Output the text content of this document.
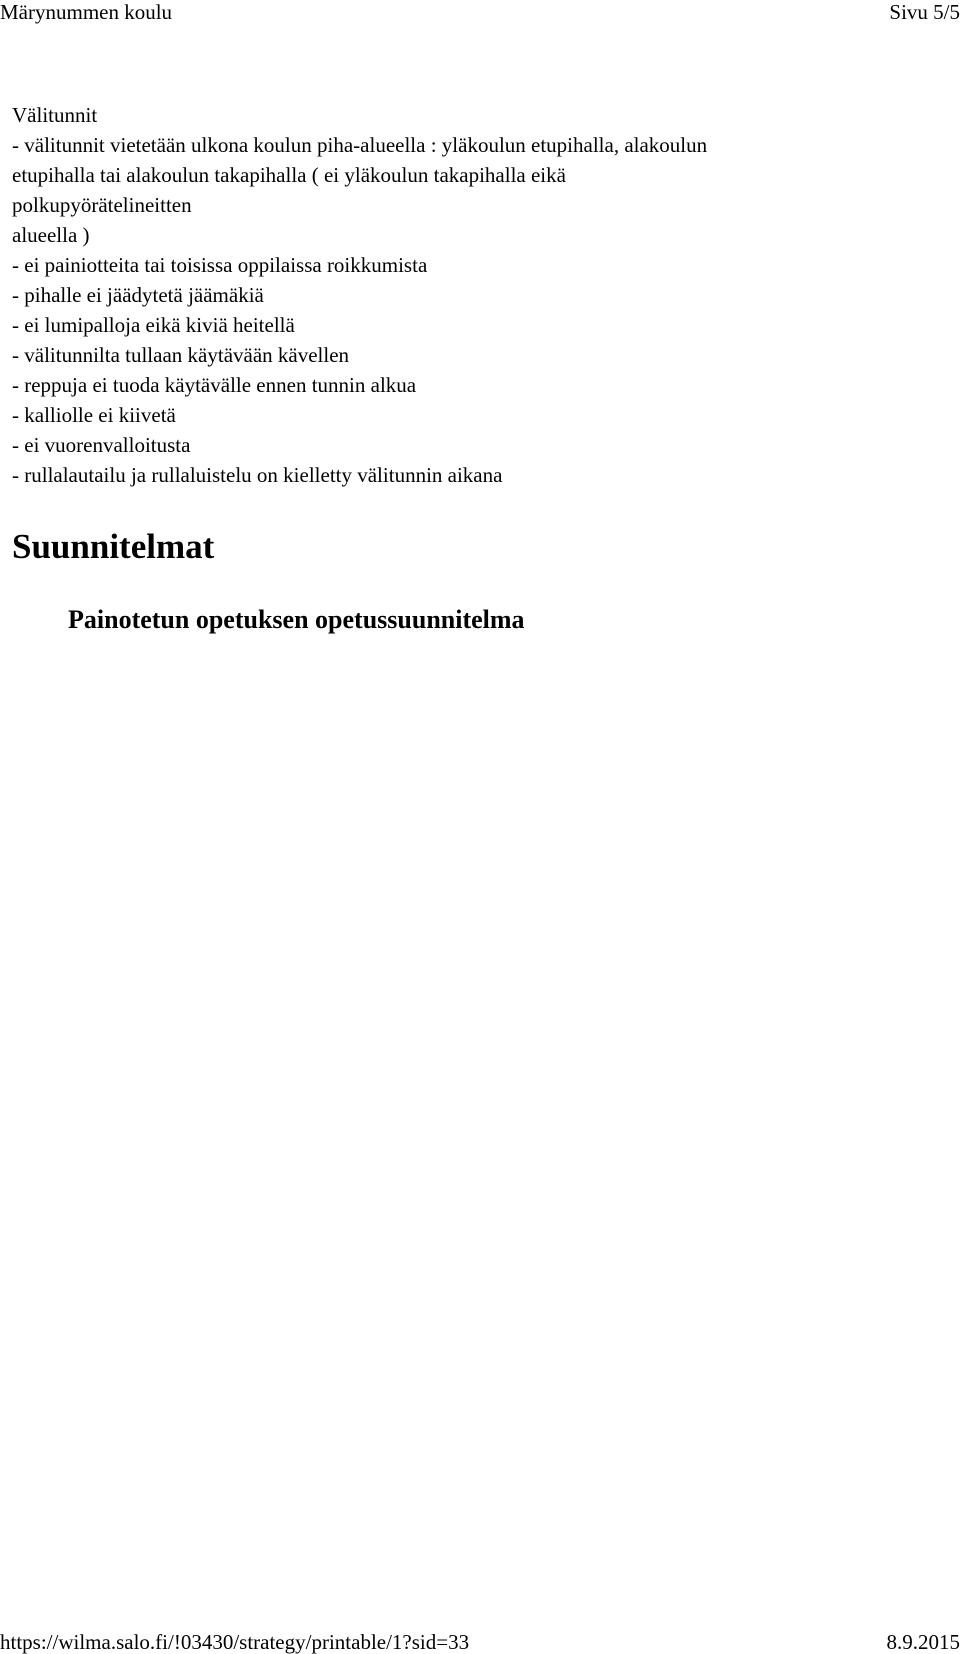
Märynummen koulu	Sivu 5/5
Välitunnit
- välitunnit vietetään ulkona koulun piha-alueella : yläkoulun etupihalla, alakoulun
etupihalla tai alakoulun takapihalla ( ei yläkoulun takapihalla eikä
polkupyörätelineitten
alueella )
- ei painiotteita tai toisissa oppilaissa roikkumista
- pihalle ei jäädytetä jäämäkiä
- ei lumipalloja eikä kiviä heitellä
- välitunnilta tullaan käytävään kävellen
- reppuja ei tuoda käytävälle ennen tunnin alkua
- kalliolle ei kiivetä
- ei vuorenvalloitusta
- rullalautailu ja rullaluistelu on kielletty välitunnin aikana
Suunnitelmat
Painotetun opetuksen opetussuunnitelma
https://wilma.salo.fi/!03430/strategy/printable/1?sid=33	8.9.2015
